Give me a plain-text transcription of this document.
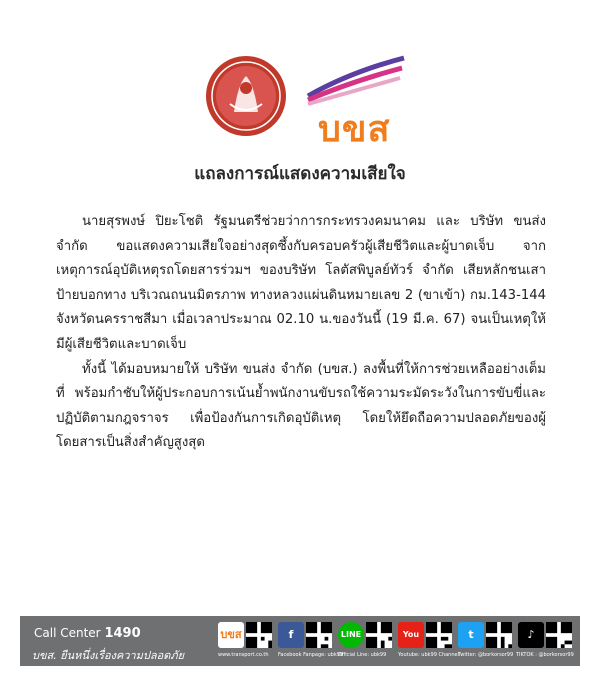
บขส
แถลงการณ์แสดงความเสียใจ

นายสุรพงษ์ ปิยะโชติ รัฐมนตรีช่วยว่าการกระทรวงคมนาคม และ บริษัท ขนส่ง จำกัด ขอแสดงความเสียใจอย่างสุดซึ้งกับครอบครัวผู้เสียชีวิตและผู้บาดเจ็บ จากเหตุการณ์อุบัติเหตุรถโดยสารร่วมฯ ของบริษัท โลตัสพิบูลย์ทัวร์ จำกัด เสียหลักชนเสาป้ายบอกทาง บริเวณถนนมิตรภาพ ทางหลวงแผ่นดินหมายเลข 2 (ขาเข้า) กม.143-144 จังหวัดนครราชสีมา เมื่อเวลาประมาณ 02.10 น.ของวันนี้ (19 มี.ค. 67) จนเป็นเหตุให้มีผู้เสียชีวิตและบาดเจ็บ

ทั้งนี้ ได้มอบหมายให้ บริษัท ขนส่ง จำกัด (บขส.) ลงพื้นที่ให้การช่วยเหลืออย่างเต็มที่ พร้อมกำชับให้ผู้ประกอบการเน้นย้ำพนักงานขับรถใช้ความระมัดระวังในการขับขี่และปฏิบัติตามกฎจราจร เพื่อป้องกันการเกิดอุบัติเหตุ โดยให้ยึดถือความปลอดภัยของผู้โดยสารเป็นสิ่งสำคัญสูงสุด

Call Center 1490
บขส. ยืนหนึ่งเรื่องความปลอดภัย
บขส
www.transport.co.th
f
Facebook Fanpage: ubk99
LINE
Official Line: ubk99
You
Youtube: ubk99 Channel
t
Twitter: @borkorsor99
♪
TIKTOK : @borkorsor99
